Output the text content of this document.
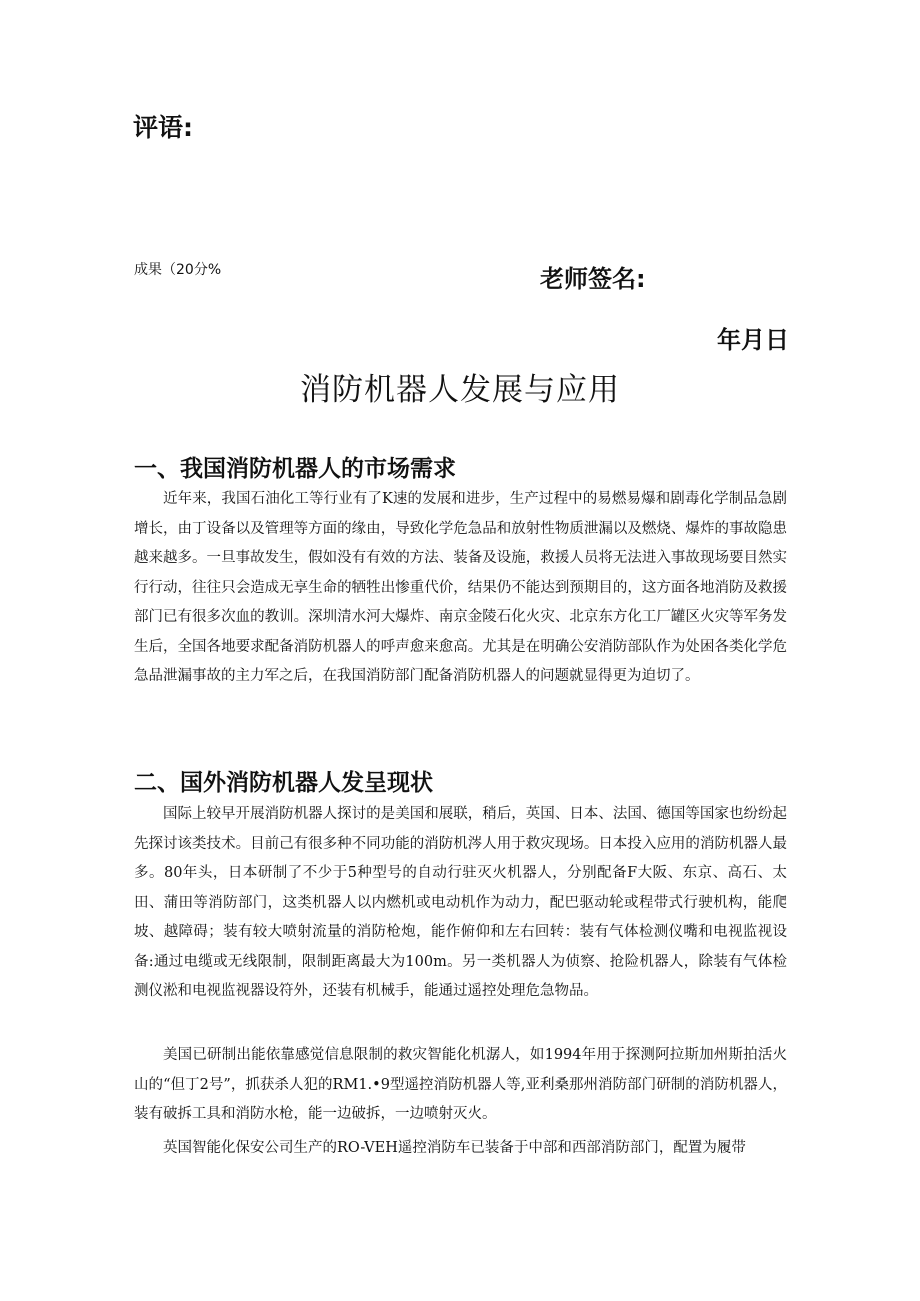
评语:
成果（20分%	老师签名:
年月日
消防机器人发展与应用
一、我国消防机器人的市场需求

近年来，我国石油化工等行业有了K速的发展和进步，生产过程中的易燃易爆和剧毒化学制品急剧增长，由丁设备以及管理等方面的缘由，导致化学危急品和放射性物质泄漏以及燃烧、爆炸的事故隐患越来越多。一旦事故发生，假如没有有效的方法、装备及设施，救援人员将无法进入事故现场要目然实行行动，往往只会造成无享生命的牺牲出惨重代价，结果仍不能达到预期目的，这方面各地消防及救援部门已有很多次血的教训。深圳清水河大爆炸、南京金陵石化火灾、北京东方化工厂罐区火灾等军务发生后，全国各地要求配备消防机器人的呼声愈来愈高。尤其是在明确公安消防部队作为处困各类化学危急品泄漏事故的主力军之后，在我国消防部门配备消防机器人的问题就显得更为迫切了。

二、国外消防机器人发呈现状

国际上较早开展消防机器人探讨的是美国和展联，稍后，英国、日本、法国、德国等国家也纷纷起先探讨该类技术。目前己有很多种不同功能的消防机涔人用于救灾现场。日本投入应用的消防机器人最多。80年头，日本研制了不少于5种型号的自动行驻灭火机器人，分别配备F大阪、东京、高石、太田、蒲田等消防部门，这类机器人以内燃机或电动机作为动力，配巴驱动轮或程带式行驶机构，能爬坡、越障碍；装有较大喷射流量的消防枪炮，能作俯仰和左右回转：装有气体检测仪嘴和电视监视设备:通过电缆或无线限制，限制距离最大为100m。另一类机器人为侦察、抢险机器人，除装有气体检测仪淞和电视监视器设符外，还装有机械手，能通过遥控处理危急物品。

美国已研制出能依靠感觉信息限制的救灾智能化机潺人，如1994年用于探测阿拉斯加州斯拍活火山的“但丁2号”，抓获杀人犯的RM1.•9型遥控消防机器人等,亚利桑那州消防部门研制的消防机器人，装有破拆工具和消防水枪，能一边破拆，一边喷射灭火。

英国智能化保安公司生产的RO-VEH遥控消防车已装备于中部和西部消防部门，配置为履带
